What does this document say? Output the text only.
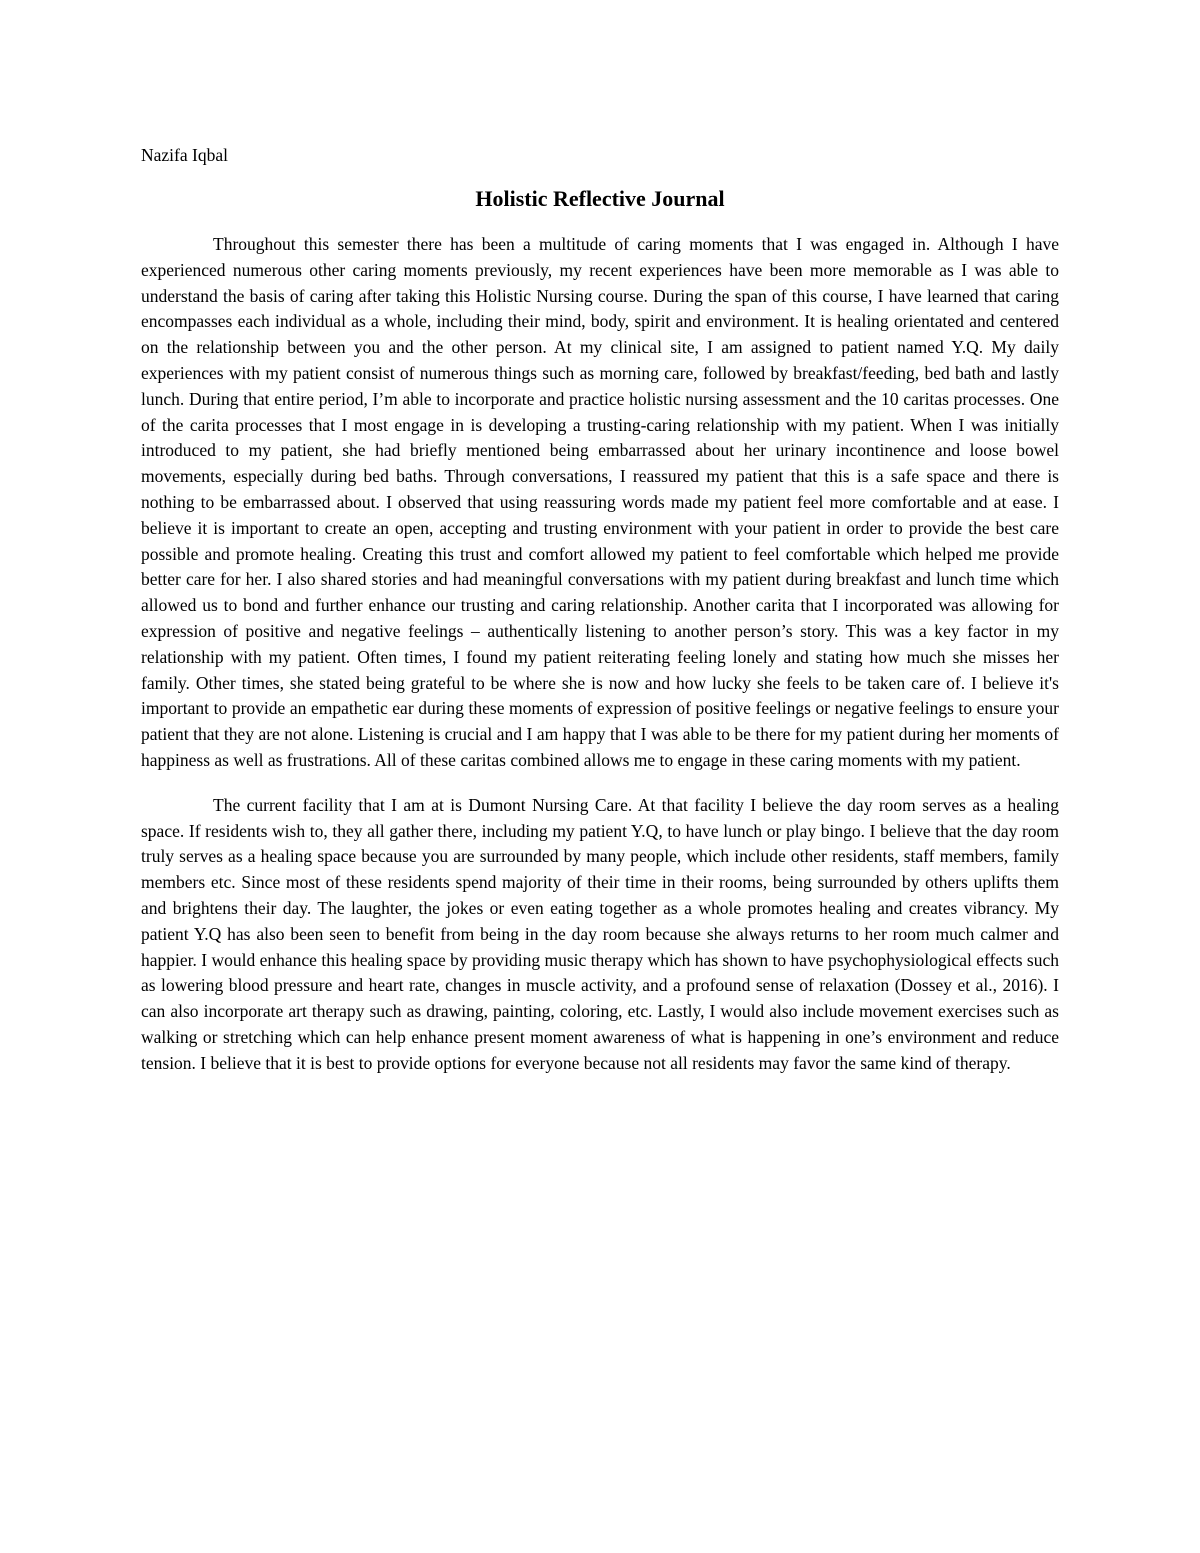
Nazifa Iqbal

Holistic Reflective Journal

Throughout this semester there has been a multitude of caring moments that I was engaged in. Although I have experienced numerous other caring moments previously, my recent experiences have been more memorable as I was able to understand the basis of caring after taking this Holistic Nursing course. During the span of this course, I have learned that caring encompasses each individual as a whole, including their mind, body, spirit and environment. It is healing orientated and centered on the relationship between you and the other person. At my clinical site, I am assigned to patient named Y.Q. My daily experiences with my patient consist of numerous things such as morning care, followed by breakfast/feeding, bed bath and lastly lunch. During that entire period, I’m able to incorporate and practice holistic nursing assessment and the 10 caritas processes. One of the carita processes that I most engage in is developing a trusting-caring relationship with my patient. When I was initially introduced to my patient, she had briefly mentioned being embarrassed about her urinary incontinence and loose bowel movements, especially during bed baths. Through conversations, I reassured my patient that this is a safe space and there is nothing to be embarrassed about. I observed that using reassuring words made my patient feel more comfortable and at ease. I believe it is important to create an open, accepting and trusting environment with your patient in order to provide the best care possible and promote healing. Creating this trust and comfort allowed my patient to feel comfortable which helped me provide better care for her. I also shared stories and had meaningful conversations with my patient during breakfast and lunch time which allowed us to bond and further enhance our trusting and caring relationship. Another carita that I incorporated was allowing for expression of positive and negative feelings – authentically listening to another person’s story. This was a key factor in my relationship with my patient. Often times, I found my patient reiterating feeling lonely and stating how much she misses her family. Other times, she stated being grateful to be where she is now and how lucky she feels to be taken care of. I believe it's important to provide an empathetic ear during these moments of expression of positive feelings or negative feelings to ensure your patient that they are not alone. Listening is crucial and I am happy that I was able to be there for my patient during her moments of happiness as well as frustrations. All of these caritas combined allows me to engage in these caring moments with my patient.

The current facility that I am at is Dumont Nursing Care. At that facility I believe the day room serves as a healing space. If residents wish to, they all gather there, including my patient Y.Q, to have lunch or play bingo. I believe that the day room truly serves as a healing space because you are surrounded by many people, which include other residents, staff members, family members etc. Since most of these residents spend majority of their time in their rooms, being surrounded by others uplifts them and brightens their day. The laughter, the jokes or even eating together as a whole promotes healing and creates vibrancy. My patient Y.Q has also been seen to benefit from being in the day room because she always returns to her room much calmer and happier. I would enhance this healing space by providing music therapy which has shown to have psychophysiological effects such as lowering blood pressure and heart rate, changes in muscle activity, and a profound sense of relaxation (Dossey et al., 2016). I can also incorporate art therapy such as drawing, painting, coloring, etc. Lastly, I would also include movement exercises such as walking or stretching which can help enhance present moment awareness of what is happening in one’s environment and reduce tension. I believe that it is best to provide options for everyone because not all residents may favor the same kind of therapy.
